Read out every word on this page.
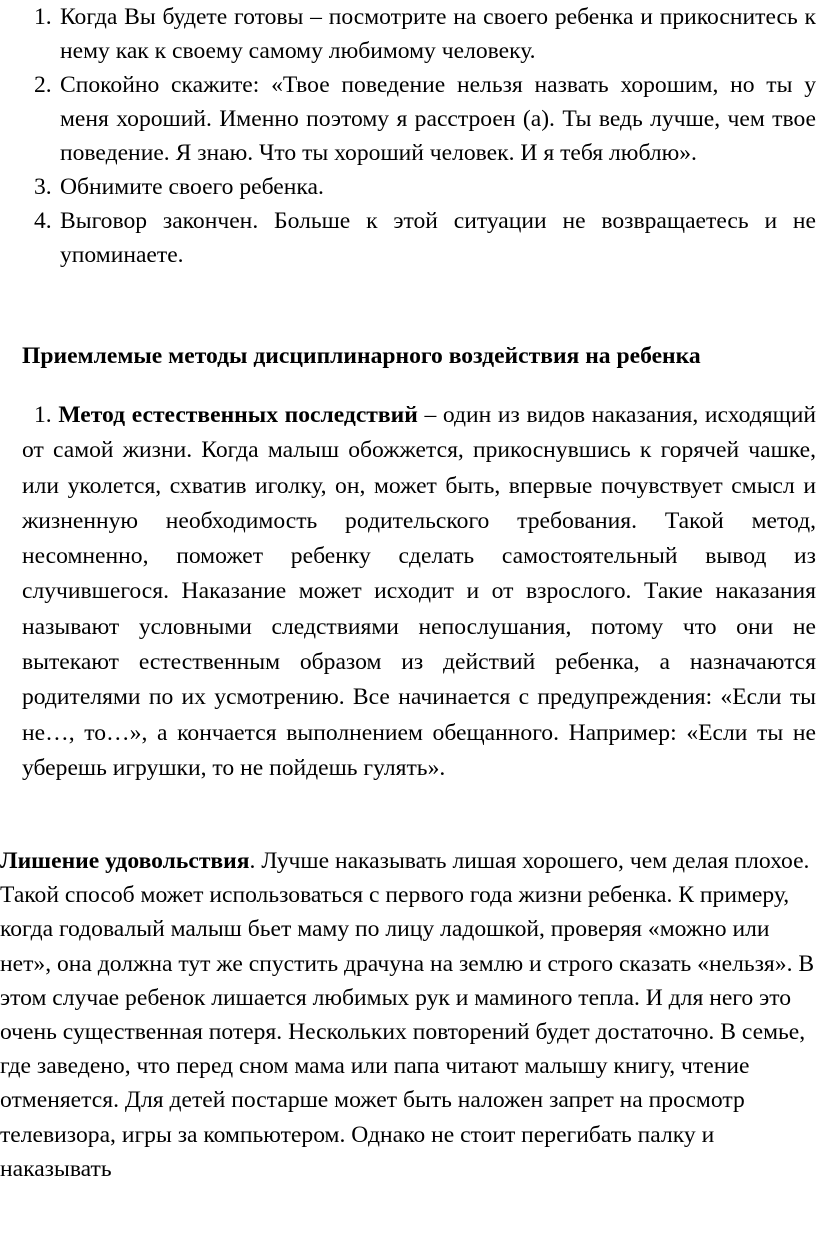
1. Когда Вы будете готовы – посмотрите на своего ребенка и прикоснитесь к нему как к своему самому любимому человеку.
2. Спокойно скажите: «Твое поведение нельзя назвать хорошим, но ты у меня хороший. Именно поэтому я расстроен (а). Ты ведь лучше, чем твое поведение. Я знаю. Что ты хороший человек. И я тебя люблю».
3. Обнимите своего ребенка.
4. Выговор закончен. Больше к этой ситуации не возвращаетесь и не упоминаете.
Приемлемые методы дисциплинарного воздействия на ребенка

1. Метод естественных последствий – один из видов наказания, исходящий от самой жизни. Когда малыш обожжется, прикоснувшись к горячей чашке, или уколется, схватив иголку, он, может быть, впервые почувствует смысл и жизненную необходимость родительского требования. Такой метод, несомненно, поможет ребенку сделать самостоятельный вывод из случившегося. Наказание может исходит и от взрослого. Такие наказания называют условными следствиями непослушания, потому что они не вытекают естественным образом из действий ребенка, а назначаются родителями по их усмотрению. Все начинается с предупреждения: «Если ты не…, то…», а кончается выполнением обещанного. Например: «Если ты не уберешь игрушки, то не пойдешь гулять».

Лишение удовольствия. Лучше наказывать лишая хорошего, чем делая плохое. Такой способ может использоваться с первого года жизни ребенка. К примеру, когда годовалый малыш бьет маму по лицу ладошкой, проверяя «можно или нет», она должна тут же спустить драчуна на землю и строго сказать «нельзя». В этом случае ребенок лишается любимых рук и маминого тепла. И для него это очень существенная потеря. Нескольких повторений будет достаточно. В семье, где заведено, что перед сном мама или папа читают малышу книгу, чтение отменяется. Для детей постарше может быть наложен запрет на просмотр телевизора, игры за компьютером. Однако не стоит перегибать палку и наказывать
